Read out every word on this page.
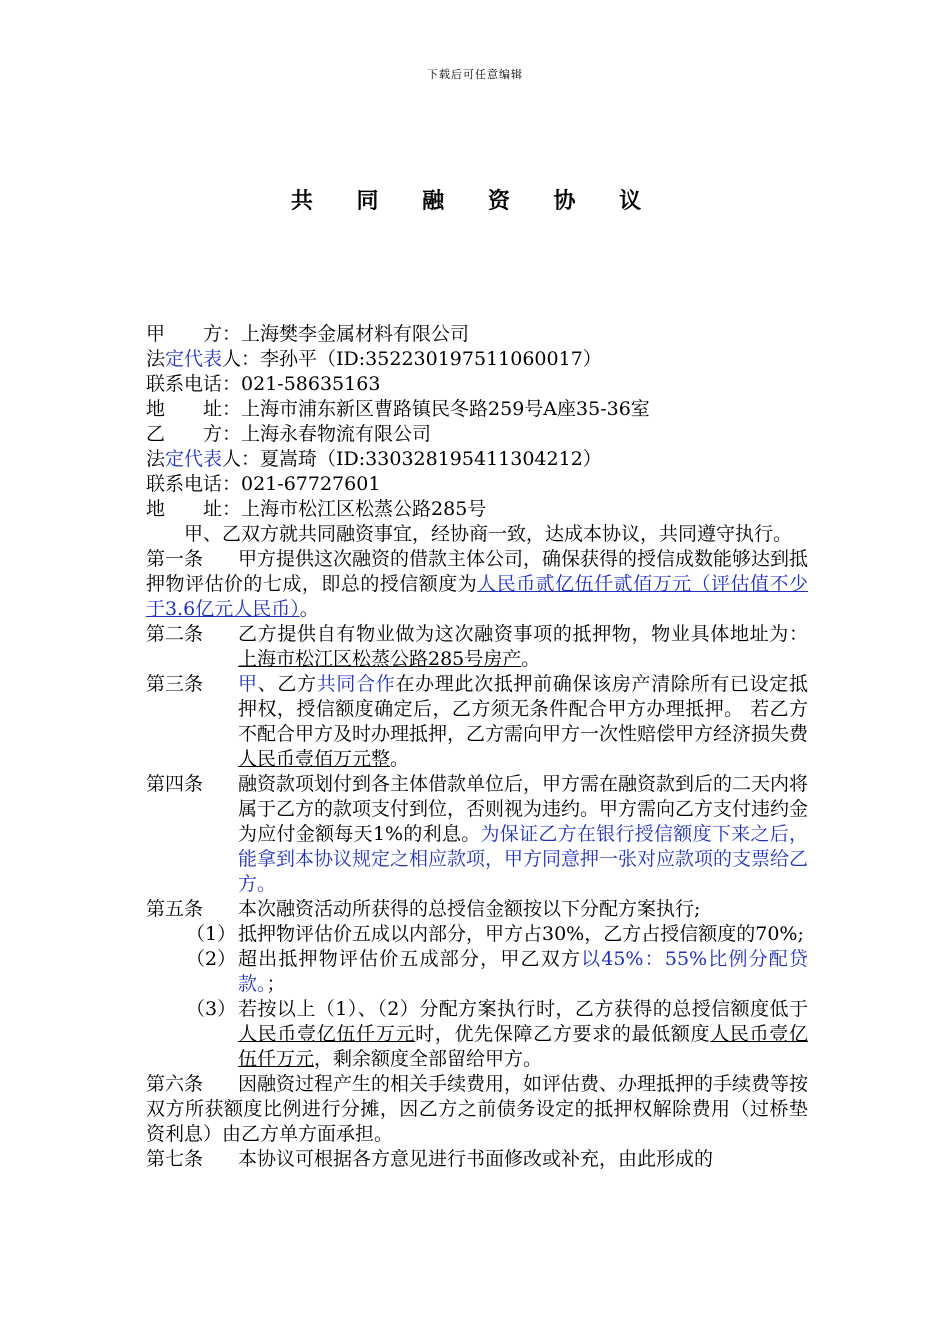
下载后可任意编辑
共 同 融 资 协 议
甲 方：上海樊李金属材料有限公司
法定代表人：李孙平（ID:352230197511060017）
联系电话：021-58635163
地 址：上海市浦东新区曹路镇民冬路259号A座35-36室
乙 方：上海永春物流有限公司
法定代表人：夏嵩琦（ID:330328195411304212）
联系电话：021-67727601
地 址：上海市松江区松蒸公路285号
甲、乙双方就共同融资事宜，经协商一致，达成本协议，共同遵守执行。
第一条 甲方提供这次融资的借款主体公司，确保获得的授信成数能够达到抵押物评估价的七成，即总的授信额度为人民币贰亿伍仟贰佰万元（评估值不少于3.6亿元人民币）。
第二条	乙方提供自有物业做为这次融资事项的抵押物，物业具体地址为：上海市松江区松蒸公路285号房产。
第三条	甲、乙方共同合作在办理此次抵押前确保该房产清除所有已设定抵押权，授信额度确定后，乙方须无条件配合甲方办理抵押。 若乙方不配合甲方及时办理抵押，乙方需向甲方一次性赔偿甲方经济损失费人民币壹佰万元整。
第四条	融资款项划付到各主体借款单位后，甲方需在融资款到后的二天内将属于乙方的款项支付到位，否则视为违约。甲方需向乙方支付违约金为应付金额每天1%的利息。为保证乙方在银行授信额度下来之后，能拿到本协议规定之相应款项，甲方同意押一张对应款项的支票给乙方。
第五条	本次融资活动所获得的总授信金额按以下分配方案执行;
（1） 抵押物评估价五成以内部分，甲方占30%，乙方占授信额度的70%;
（2） 超出抵押物评估价五成部分，甲乙双方以45%：55%比例分配贷款。；
（3） 若按以上（1）、（2）分配方案执行时，乙方获得的总授信额度低于人民币壹亿伍仟万元时，优先保障乙方要求的最低额度人民币壹亿伍仟万元，剩余额度全部留给甲方。
第六条 因融资过程产生的相关手续费用，如评估费、办理抵押的手续费等按双方所获额度比例进行分摊，因乙方之前债务设定的抵押权解除费用（过桥垫资利息）由乙方单方面承担。
第七条 本协议可根据各方意见进行书面修改或补充，由此形成的
